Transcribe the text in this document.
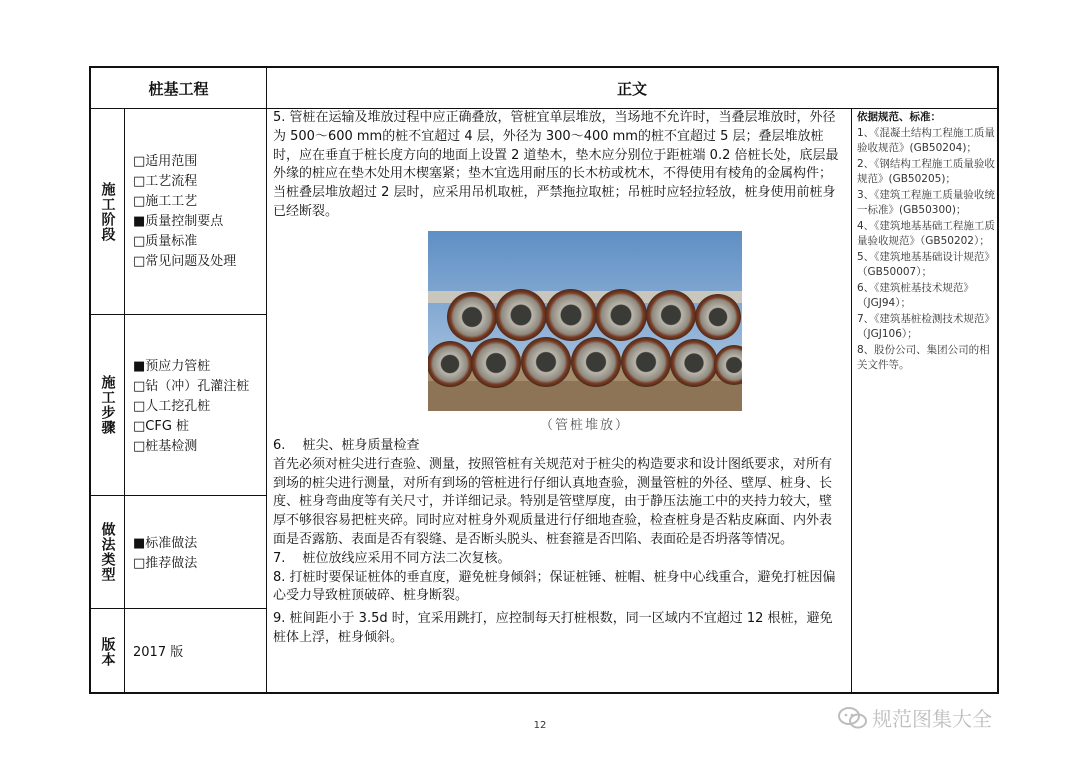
桩基工程	正文
施工阶段
□适用范围
□工艺流程
□施工工艺
■质量控制要点
□质量标准
□常见问题及处理
施工步骤
■预应力管桩
□钻（冲）孔灌注桩
□人工挖孔桩
□CFG 桩
□桩基检测
做法类型 ■标准做法
□推荐做法
版本 2017 版

5. 管桩在运输及堆放过程中应正确叠放，管桩宜单层堆放，当场地不允许时，当叠层堆放时，外径为 500～600 mm的桩不宜超过 4 层，外径为 300～400 mm的桩不宜超过 5 层；叠层堆放桩时，应在垂直于桩长度方向的地面上设置 2 道垫木，垫木应分别位于距桩端 0.2 倍桩长处，底层最外缘的桩应在垫木处用木楔塞紧；垫木宜选用耐压的长木枋或枕木，不得使用有棱角的金属构件；当桩叠层堆放超过 2 层时，应采用吊机取桩，严禁拖拉取桩；吊桩时应轻拉轻放，桩身使用前桩身已经断裂。

（管桩堆放）

6.　 桩尖、桩身质量检查

首先必须对桩尖进行查验、测量，按照管桩有关规范对于桩尖的构造要求和设计图纸要求，对所有到场的桩尖进行测量，对所有到场的管桩进行仔细认真地查验，测量管桩的外径、壁厚、桩身、长度、桩身弯曲度等有关尺寸，并详细记录。特别是管壁厚度，由于静压法施工中的夹持力较大，壁厚不够很容易把桩夹碎。同时应对桩身外观质量进行仔细地查验，检查桩身是否粘皮麻面、内外表面是否露筋、表面是否有裂缝、是否断头脱头、桩套箍是否凹陷、表面砼是否坍落等情况。

7.　 桩位放线应采用不同方法二次复核。

8. 打桩时要保证桩体的垂直度，避免桩身倾斜；保证桩锤、桩帽、桩身中心线重合，避免打桩因偏心受力导致桩顶破碎、桩身断裂。

9. 桩间距小于 3.5d 时，宜采用跳打，应控制每天打桩根数，同一区域内不宜超过 12 根桩，避免桩体上浮，桩身倾斜。

依据规范、标准：
1、《混凝土结构工程施工质量验收规范》(GB50204)；
2、《钢结构工程施工质量验收规范》(GB50205)；
3、《建筑工程施工质量验收统一标准》(GB50300)；
4、《建筑地基基础工程施工质量验收规范》（GB50202）；
5、《建筑地基基础设计规范》（GB50007）；
6、《建筑桩基技术规范》（JGJ94）；
7、《建筑基桩检测技术规范》（JGJ106）；
8、股份公司、集团公司的相关文件等。
12	规范图集大全
